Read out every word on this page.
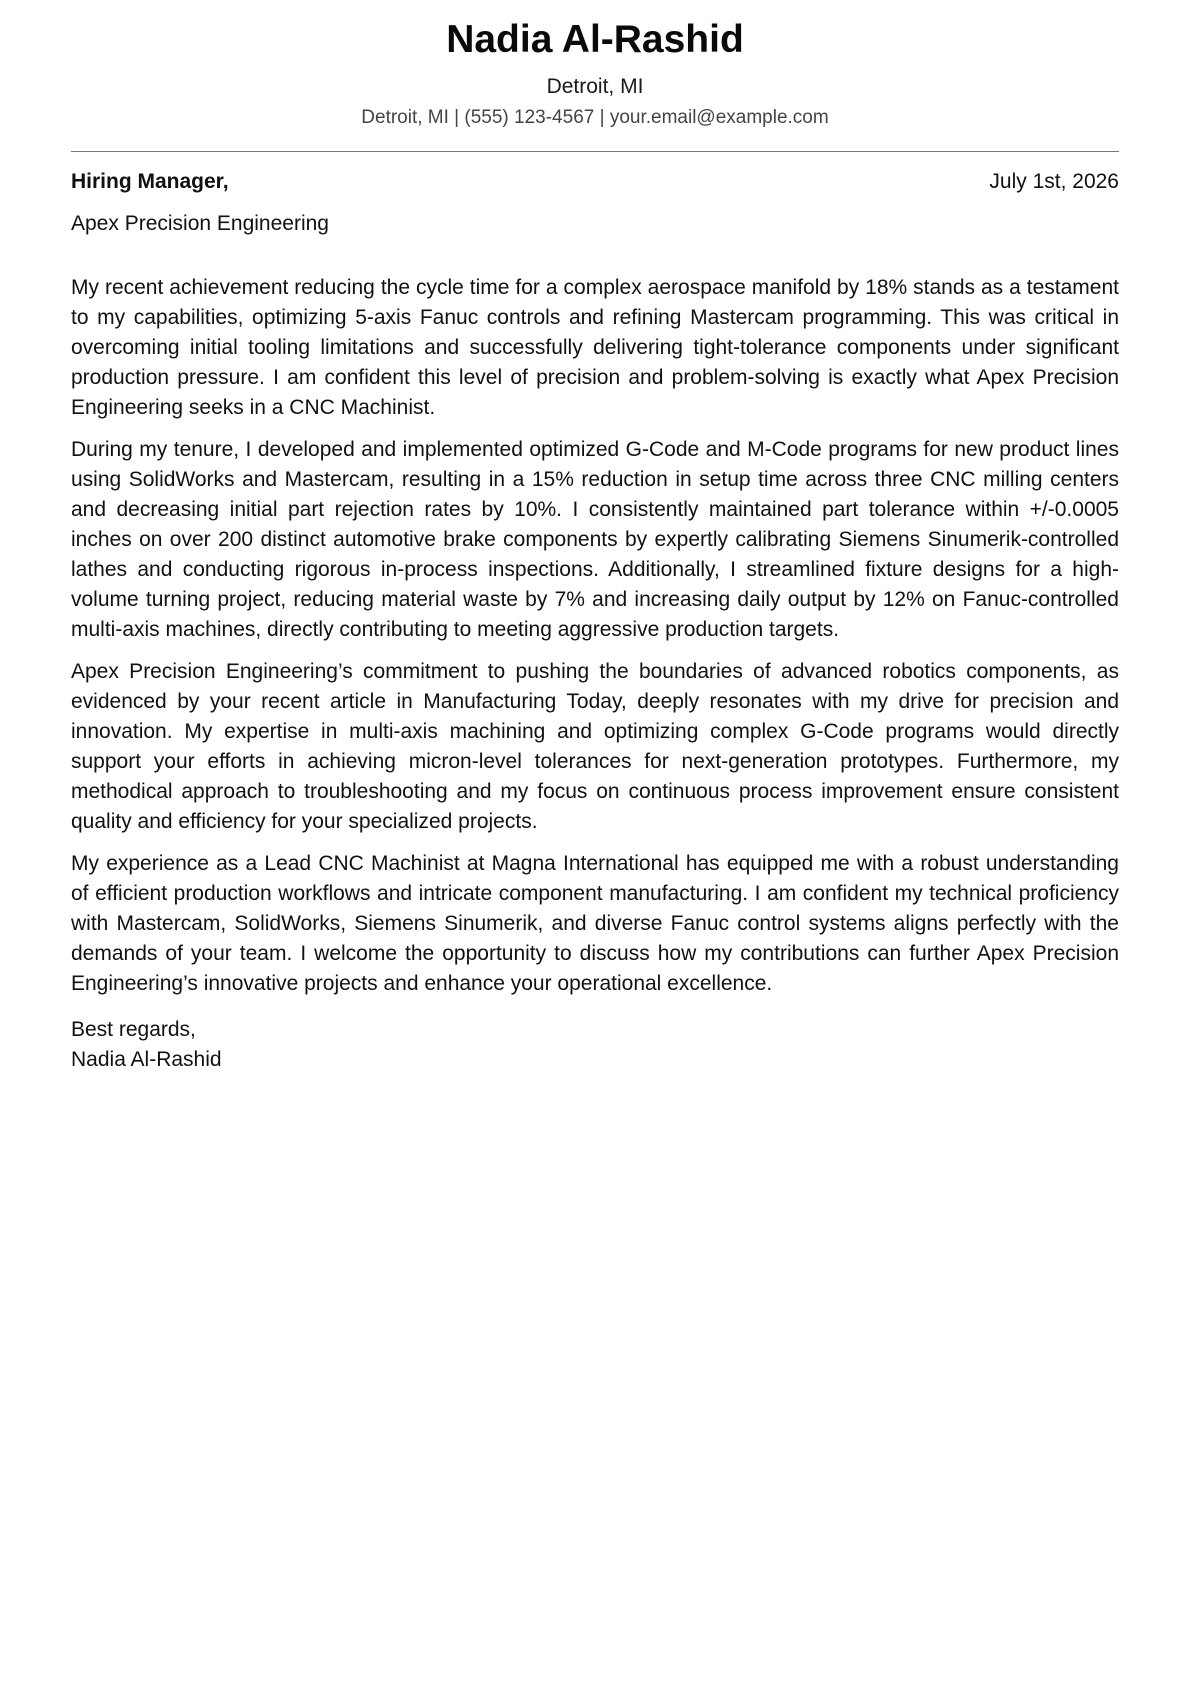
Nadia Al-Rashid
Detroit, MI
Detroit, MI | (555) 123-4567 | your.email@example.com
Hiring Manager,	July 1st, 2026
Apex Precision Engineering

My recent achievement reducing the cycle time for a complex aerospace manifold by 18% stands as a testament to my capabilities, optimizing 5-axis Fanuc controls and refining Mastercam programming. This was critical in overcoming initial tooling limitations and successfully delivering tight-tolerance components under significant production pressure. I am confident this level of precision and problem-solving is exactly what Apex Precision Engineering seeks in a CNC Machinist.

During my tenure, I developed and implemented optimized G-Code and M-Code programs for new product lines using SolidWorks and Mastercam, resulting in a 15% reduction in setup time across three CNC milling centers and decreasing initial part rejection rates by 10%. I consistently maintained part tolerance within +/-0.0005 inches on over 200 distinct automotive brake components by expertly calibrating Siemens Sinumerik-controlled lathes and conducting rigorous in-process inspections. Additionally, I streamlined fixture designs for a high-volume turning project, reducing material waste by 7% and increasing daily output by 12% on Fanuc-controlled multi-axis machines, directly contributing to meeting aggressive production targets.

Apex Precision Engineering’s commitment to pushing the boundaries of advanced robotics components, as evidenced by your recent article in Manufacturing Today, deeply resonates with my drive for precision and innovation. My expertise in multi-axis machining and optimizing complex G-Code programs would directly support your efforts in achieving micron-level tolerances for next-generation prototypes. Furthermore, my methodical approach to troubleshooting and my focus on continuous process improvement ensure consistent quality and efficiency for your specialized projects.

My experience as a Lead CNC Machinist at Magna International has equipped me with a robust understanding of efficient production workflows and intricate component manufacturing. I am confident my technical proficiency with Mastercam, SolidWorks, Siemens Sinumerik, and diverse Fanuc control systems aligns perfectly with the demands of your team. I welcome the opportunity to discuss how my contributions can further Apex Precision Engineering’s innovative projects and enhance your operational excellence.

Best regards,
Nadia Al-Rashid
